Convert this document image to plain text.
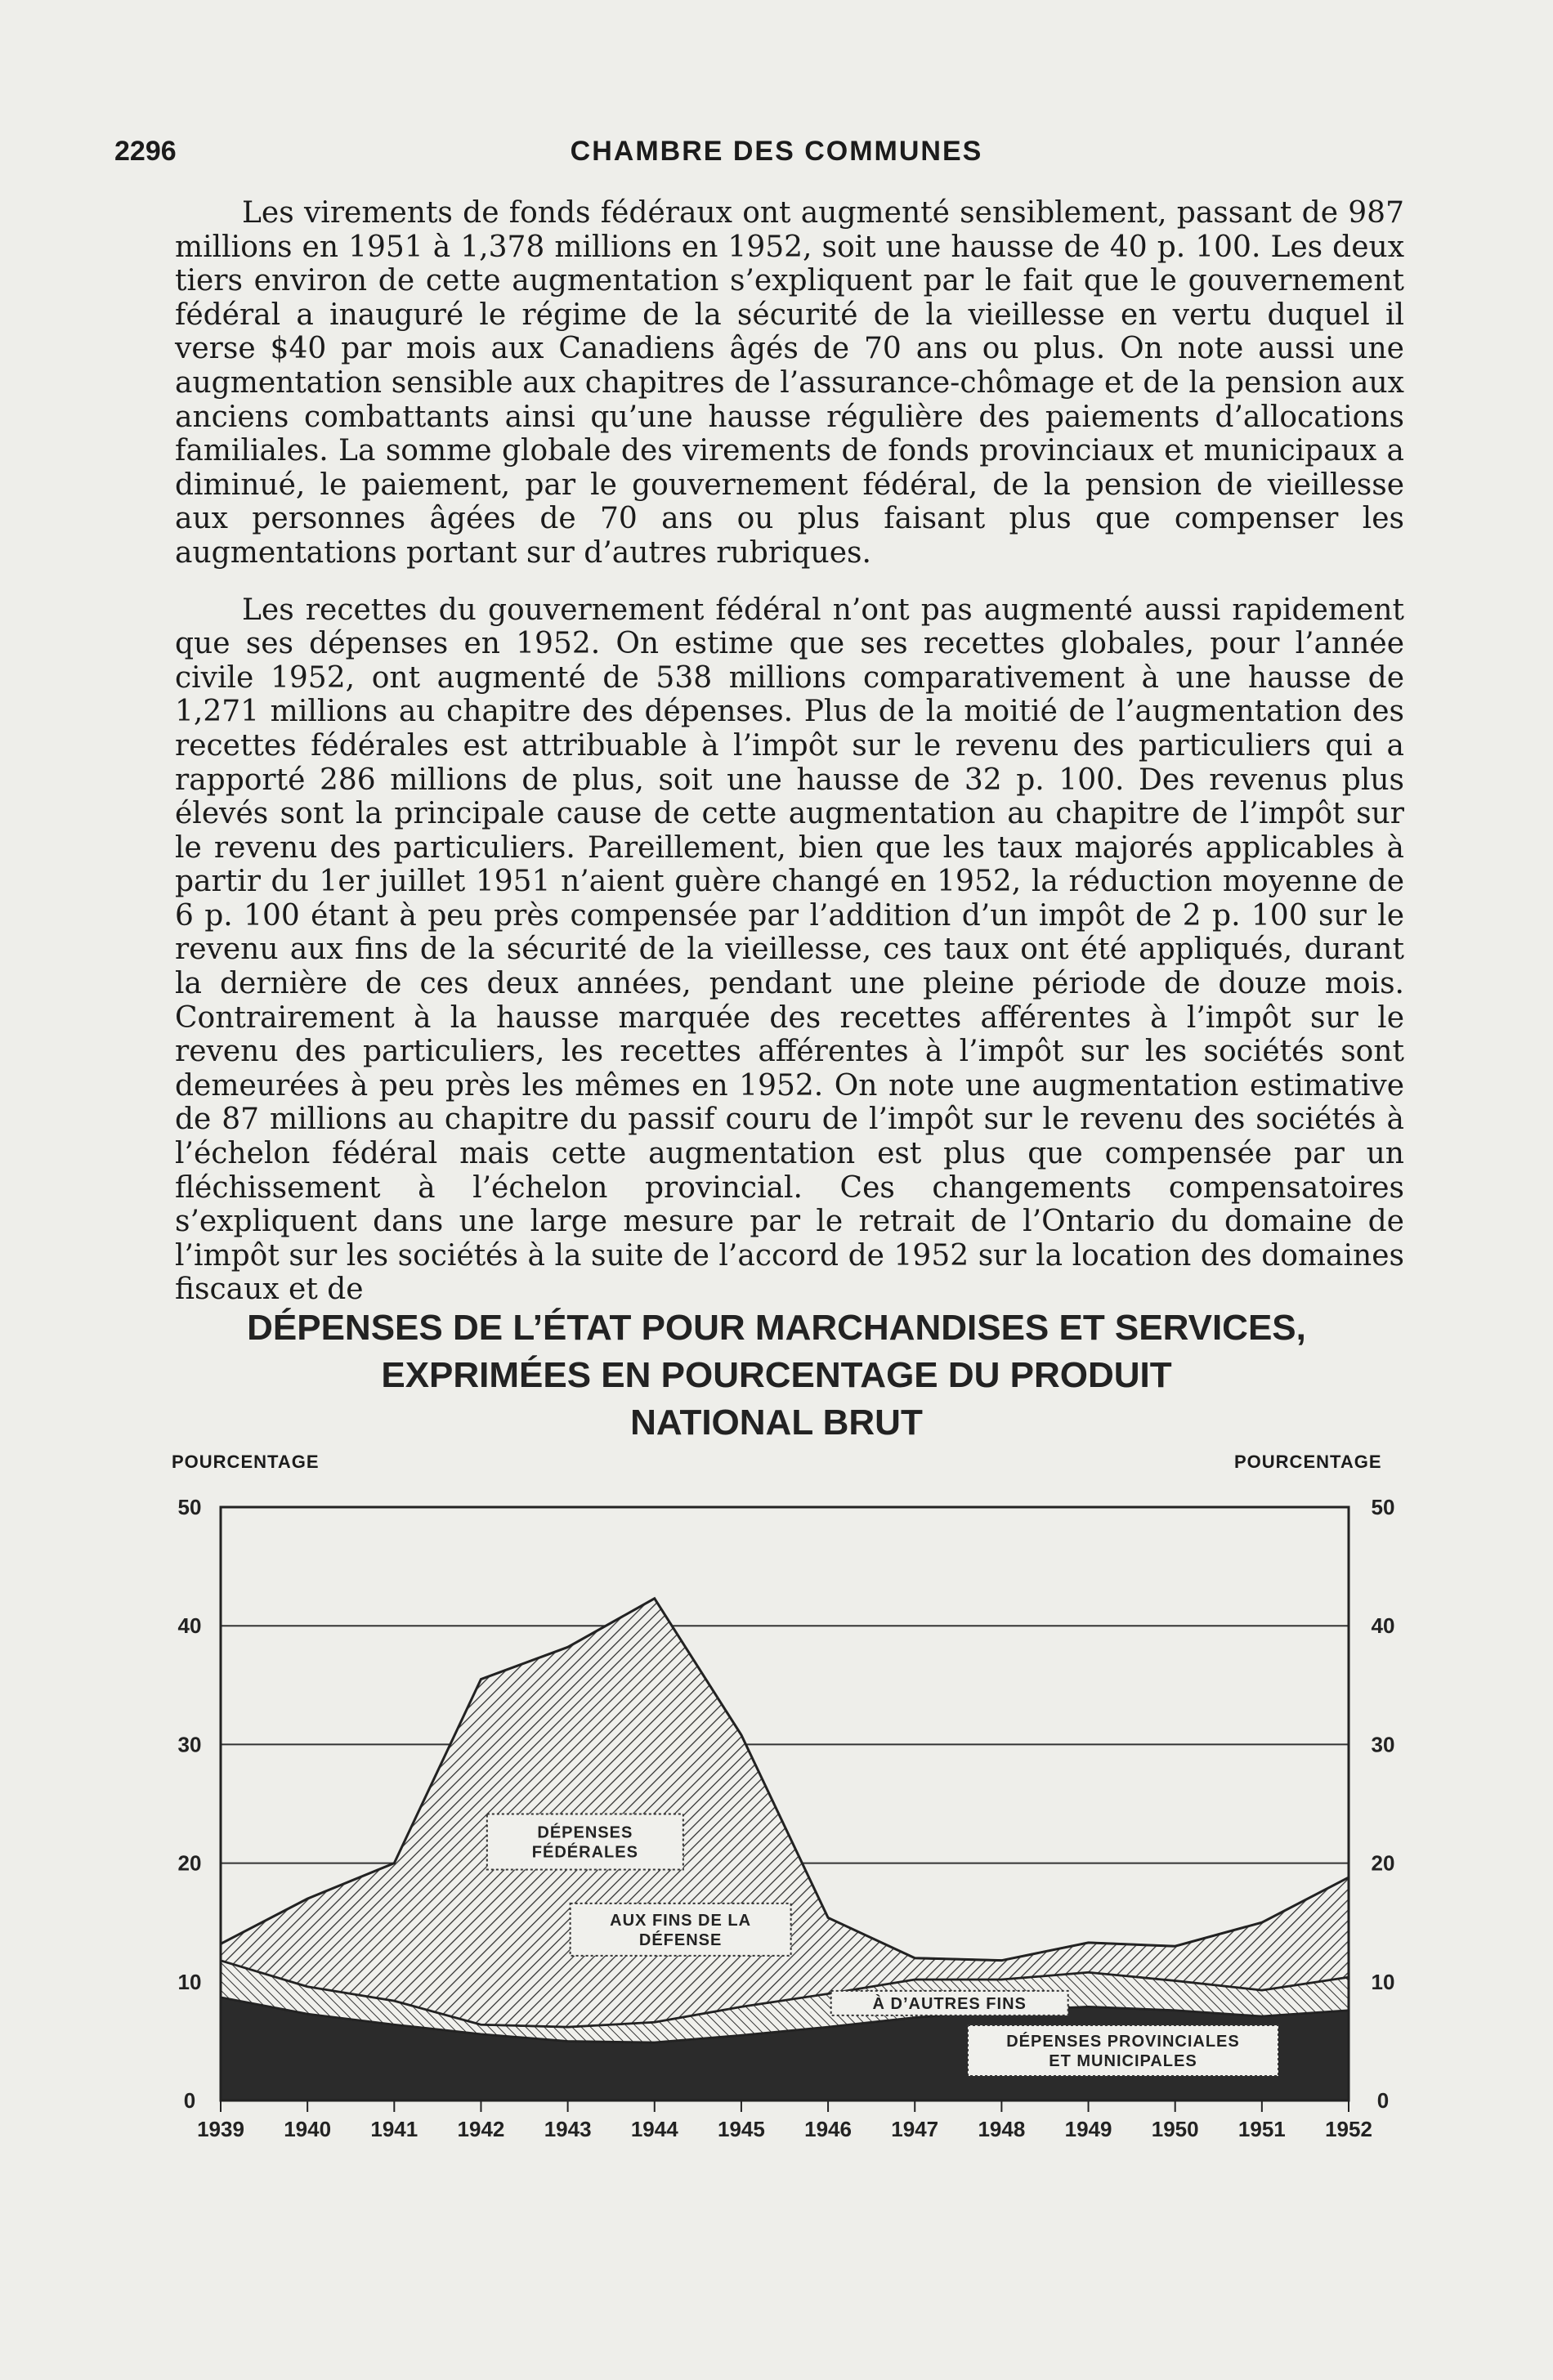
2296	CHAMBRE DES COMMUNES

Les virements de fonds fédéraux ont augmenté sensiblement, passant de 987 millions en 1951 à 1,378 millions en 1952, soit une hausse de 40 p. 100. Les deux tiers environ de cette augmentation s’expliquent par le fait que le gouvernement fédéral a inauguré le régime de la sécurité de la vieillesse en vertu duquel il verse $40 par mois aux Canadiens âgés de 70 ans ou plus. On note aussi une augmentation sensible aux chapitres de l’assurance-chômage et de la pension aux anciens combattants ainsi qu’une hausse régulière des paiements d’allocations familiales. La somme globale des virements de fonds provinciaux et municipaux a diminué, le paiement, par le gouvernement fédéral, de la pension de vieillesse aux personnes âgées de 70 ans ou plus faisant plus que compenser les augmentations portant sur d’autres rubriques.

Les recettes du gouvernement fédéral n’ont pas augmenté aussi rapidement que ses dépenses en 1952. On estime que ses recettes globales, pour l’année civile 1952, ont augmenté de 538 millions comparativement à une hausse de 1,271 millions au chapitre des dépenses. Plus de la moitié de l’augmentation des recettes fédérales est attribuable à l’impôt sur le revenu des particuliers qui a rapporté 286 millions de plus, soit une hausse de 32 p. 100. Des revenus plus élevés sont la principale cause de cette augmentation au chapitre de l’impôt sur le revenu des particuliers. Pareillement, bien que les taux majorés applicables à partir du 1er juillet 1951 n’aient guère changé en 1952, la réduction moyenne de 6 p. 100 étant à peu près compensée par l’addition d’un impôt de 2 p. 100 sur le revenu aux fins de la sécurité de la vieillesse, ces taux ont été appliqués, durant la dernière de ces deux années, pendant une pleine période de douze mois. Contrairement à la hausse marquée des recettes afférentes à l’impôt sur le revenu des particuliers, les recettes afférentes à l’impôt sur les sociétés sont demeurées à peu près les mêmes en 1952. On note une augmentation estimative de 87 millions au chapitre du passif couru de l’impôt sur le revenu des sociétés à l’échelon fédéral mais cette augmentation est plus que compensée par un fléchissement à l’échelon provincial. Ces changements compensatoires s’expliquent dans une large mesure par le retrait de l’Ontario du domaine de l’impôt sur les sociétés à la suite de l’accord de 1952 sur la location des domaines fiscaux et de

DÉPENSES DE L’ÉTAT POUR MARCHANDISES ET SERVICES,
EXPRIMÉES EN POURCENTAGE DU PRODUIT
NATIONAL BRUT
POURCENTAGE	POURCENTAGE
0	0
10	10
20	20
30	30
40	40
50	50
1939 1940 1941 1942 1943 1944 1945 1946 1947 1948 1949 1950 1951 1952
DÉPENSES
FÉDÉRALES
AUX FINS DE LA
DÉFENSE
À D’AUTRES FINS
DÉPENSES PROVINCIALES
ET MUNICIPALES
